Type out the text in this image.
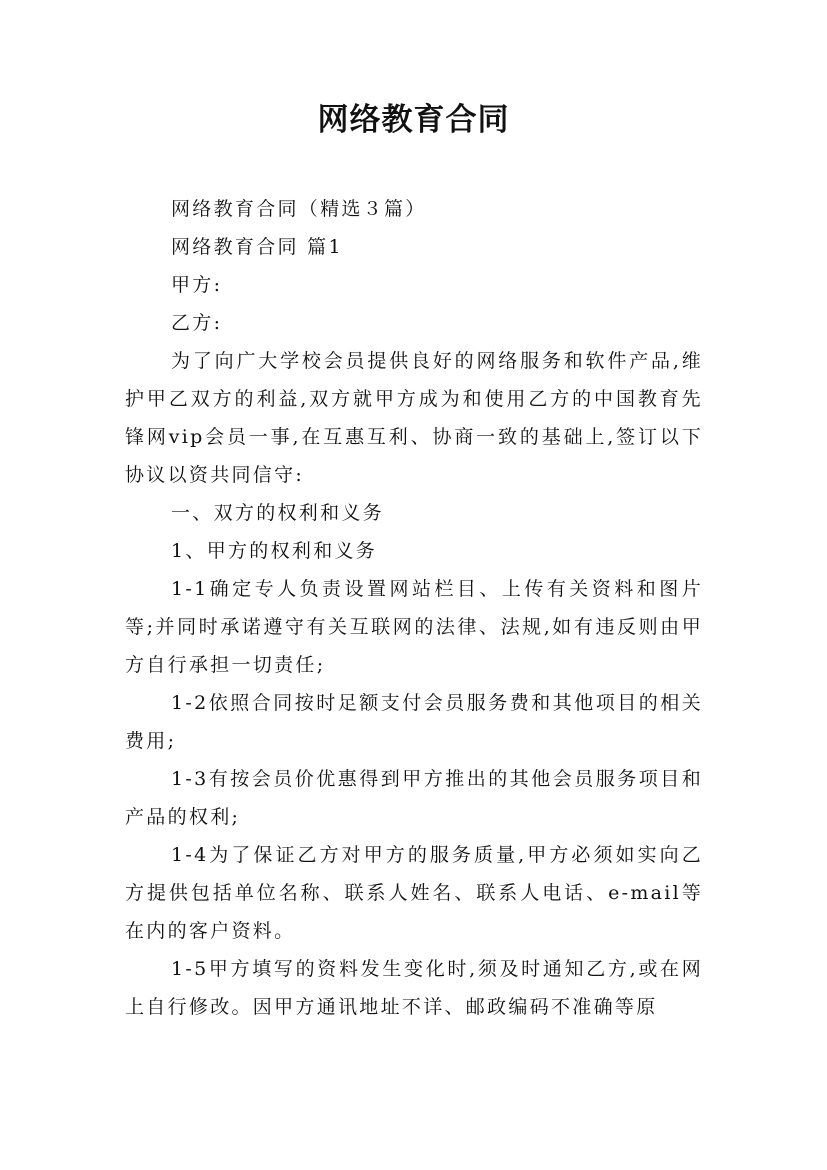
网络教育合同

网络教育合同（精选３篇）

网络教育合同 篇1

甲方:

乙方:

为了向广大学校会员提供良好的网络服务和软件产品,维护甲乙双方的利益,双方就甲方成为和使用乙方的中国教育先锋网vip会员一事,在互惠互利、协商一致的基础上,签订以下协议以资共同信守:

一、双方的权利和义务

1、甲方的权利和义务

1-1确定专人负责设置网站栏目、上传有关资料和图片等;并同时承诺遵守有关互联网的法律、法规,如有违反则由甲方自行承担一切责任;

1-2依照合同按时足额支付会员服务费和其他项目的相关费用;

1-3有按会员价优惠得到甲方推出的其他会员服务项目和产品的权利;

1-4为了保证乙方对甲方的服务质量,甲方必须如实向乙方提供包括单位名称、联系人姓名、联系人电话、e-mail等在内的客户资料。

1-5甲方填写的资料发生变化时,须及时通知乙方,或在网上自行修改。因甲方通讯地址不详、邮政编码不准确等原
